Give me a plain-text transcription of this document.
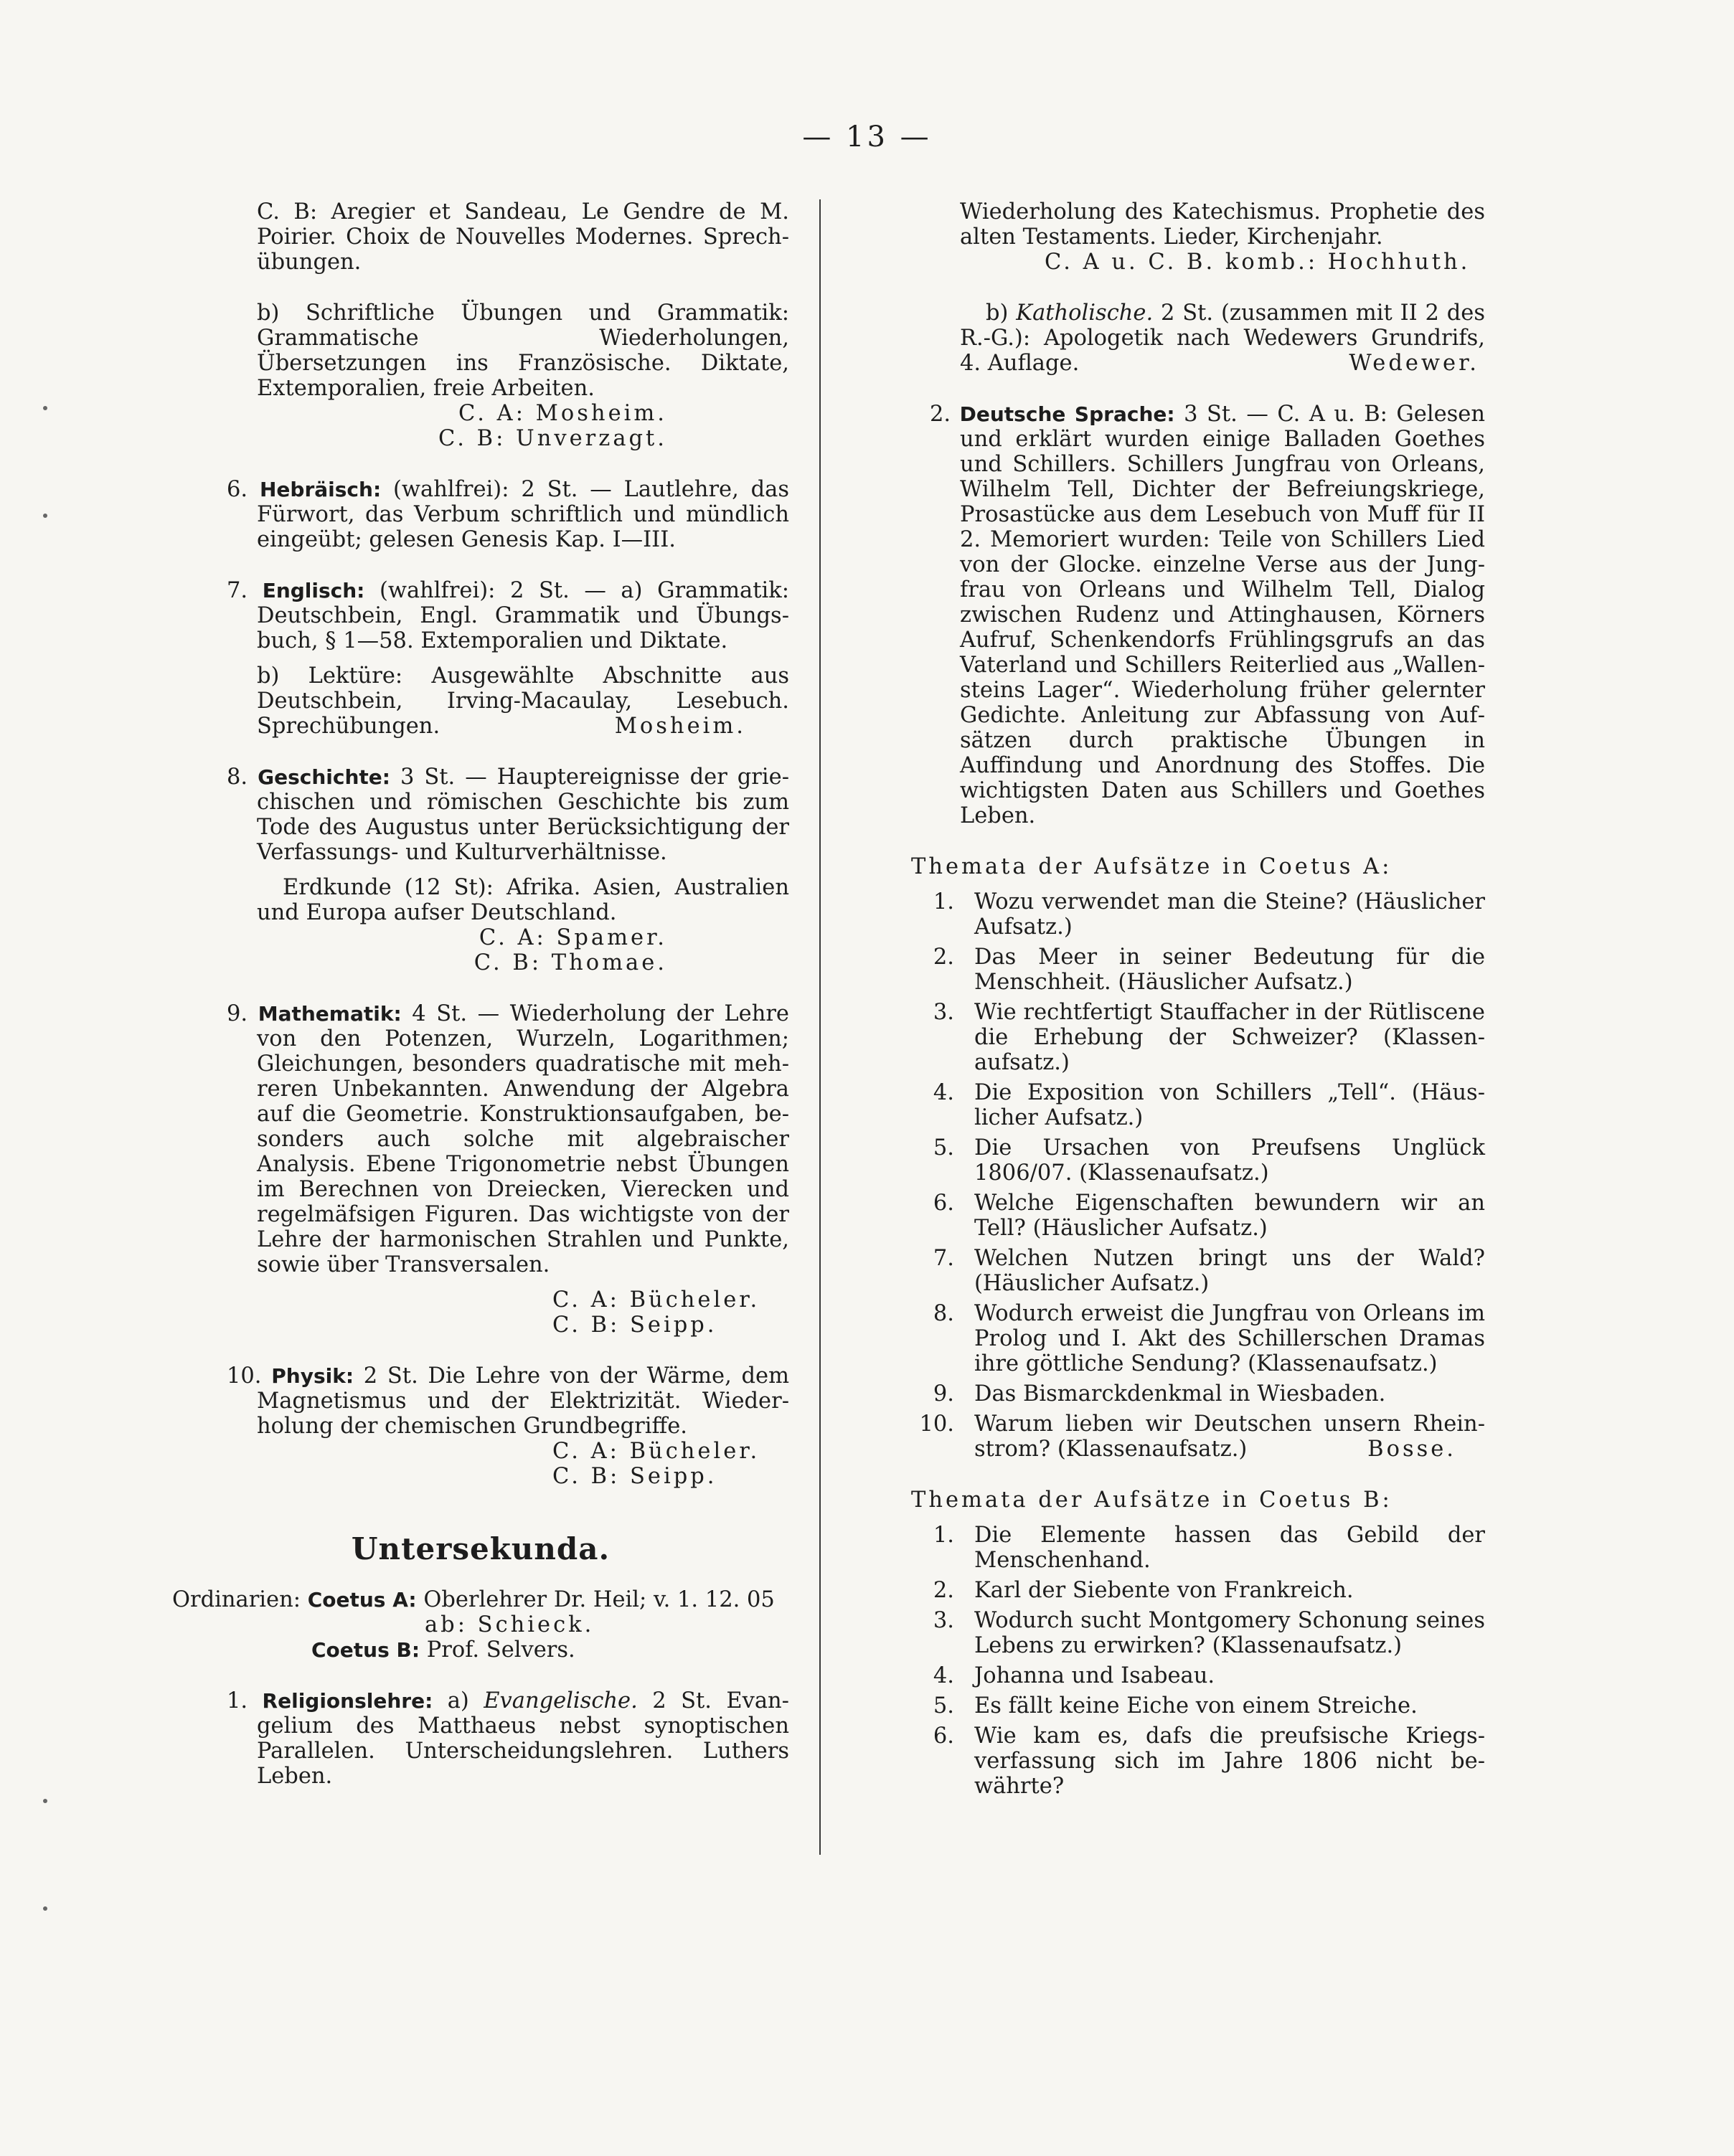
— 13 —
C. B: Aregier et Sandeau, Le Gendre de M. Poirier. Choix de Nouvelles Modernes. Sprechübungen.
b) Schriftliche Übungen und Grammatik: Grammatische Wiederholungen, Übersetzungen ins Französische. Diktate, Extemporalien, freie Arbeiten.
C. A: Mosheim.
C. B: Unverzagt.
6. Hebräisch: (wahlfrei): 2 St. — Lautlehre, das Fürwort, das Verbum schriftlich und mündlich eingeübt; gelesen Genesis Kap. I—III.
7. Englisch: (wahlfrei): 2 St. — a) Grammatik: Deutschbein, Engl. Grammatik und Übungsbuch, § 1—58. Extemporalien und Diktate.
b) Lektüre: Ausgewählte Abschnitte aus Deutschbein, Irving-Macaulay, Lesebuch. Sprechübungen.	Mosheim.
8. Geschichte: 3 St. — Hauptereignisse der griechischen und römischen Geschichte bis zum Tode des Augustus unter Berücksichtigung der Verfassungs- und Kulturverhältnisse.
Erdkunde (12 St): Afrika. Asien, Australien und Europa aufser Deutschland.
C. A: Spamer.
C. B: Thomae.
9. Mathematik: 4 St. — Wiederholung der Lehre von den Potenzen, Wurzeln, Logarithmen; Gleichungen, besonders quadratische mit mehreren Unbekannten. Anwendung der Algebra auf die Geometrie. Konstruktionsaufgaben, besonders auch solche mit algebraischer Analysis. Ebene Trigonometrie nebst Übungen im Berechnen von Dreiecken, Vierecken und regelmäfsigen Figuren. Das wichtigste von der Lehre der harmonischen Strahlen und Punkte, sowie über Transversalen.
C. A: Bücheler.
C. B: Seipp.
10. Physik: 2 St. Die Lehre von der Wärme, dem Magnetismus und der Elektrizität. Wiederholung der chemischen Grundbegriffe.
C. A: Bücheler.
C. B: Seipp.
Untersekunda.
Ordinarien: Coetus A: Oberlehrer Dr. Heil; v. 1. 12. 05
ab: Schieck.
Coetus B: Prof. Selvers.
1. Religionslehre: a) Evangelische. 2 St. Evangelium des Matthaeus nebst synoptischen Parallelen. Unterscheidungslehren. Luthers Leben.
Wiederholung des Katechismus. Prophetie des alten Testaments. Lieder, Kirchenjahr.
C. A u. C. B. komb.: Hochhuth.
b) Katholische. 2 St. (zusammen mit II 2 des R.-G.): Apologetik nach Wedewers Grundrifs, 4. Auflage.	Wedewer.
2. Deutsche Sprache: 3 St. — C. A u. B: Gelesen und erklärt wurden einige Balladen Goethes und Schillers. Schillers Jungfrau von Orleans, Wilhelm Tell, Dichter der Befreiungskriege, Prosastücke aus dem Lesebuch von Muff für II 2. Memoriert wurden: Teile von Schillers Lied von der Glocke. einzelne Verse aus der Jungfrau von Orleans und Wilhelm Tell, Dialog zwischen Rudenz und Attinghausen, Körners Aufruf, Schenkendorfs Frühlingsgrufs an das Vaterland und Schillers Reiterlied aus „Wallensteins Lager“. Wiederholung früher gelernter Gedichte. Anleitung zur Abfassung von Aufsätzen durch praktische Übungen in Auffindung und Anordnung des Stoffes. Die wichtigsten Daten aus Schillers und Goethes Leben.
Themata der Aufsätze in Coetus A:
1. Wozu verwendet man die Steine? (Häuslicher Aufsatz.)
2. Das Meer in seiner Bedeutung für die Menschheit. (Häuslicher Aufsatz.)
3. Wie rechtfertigt Stauffacher in der Rütliscene die Erhebung der Schweizer? (Klassenaufsatz.)
4. Die Exposition von Schillers „Tell“. (Häuslicher Aufsatz.)
5. Die Ursachen von Preufsens Unglück 1806/07. (Klassenaufsatz.)
6. Welche Eigenschaften bewundern wir an Tell? (Häuslicher Aufsatz.)
7. Welchen Nutzen bringt uns der Wald? (Häuslicher Aufsatz.)
8. Wodurch erweist die Jungfrau von Orleans im Prolog und I. Akt des Schillerschen Dramas ihre göttliche Sendung? (Klassenaufsatz.)
9. Das Bismarckdenkmal in Wiesbaden.
10. Warum lieben wir Deutschen unsern Rheinstrom? (Klassenaufsatz.)	Bosse.
Themata der Aufsätze in Coetus B:
1. Die Elemente hassen das Gebild der Menschenhand.
2. Karl der Siebente von Frankreich.
3. Wodurch sucht Montgomery Schonung seines Lebens zu erwirken? (Klassenaufsatz.)
4. Johanna und Isabeau.
5. Es fällt keine Eiche von einem Streiche.
6. Wie kam es, dafs die preufsische Kriegsverfassung sich im Jahre 1806 nicht bewährte?
